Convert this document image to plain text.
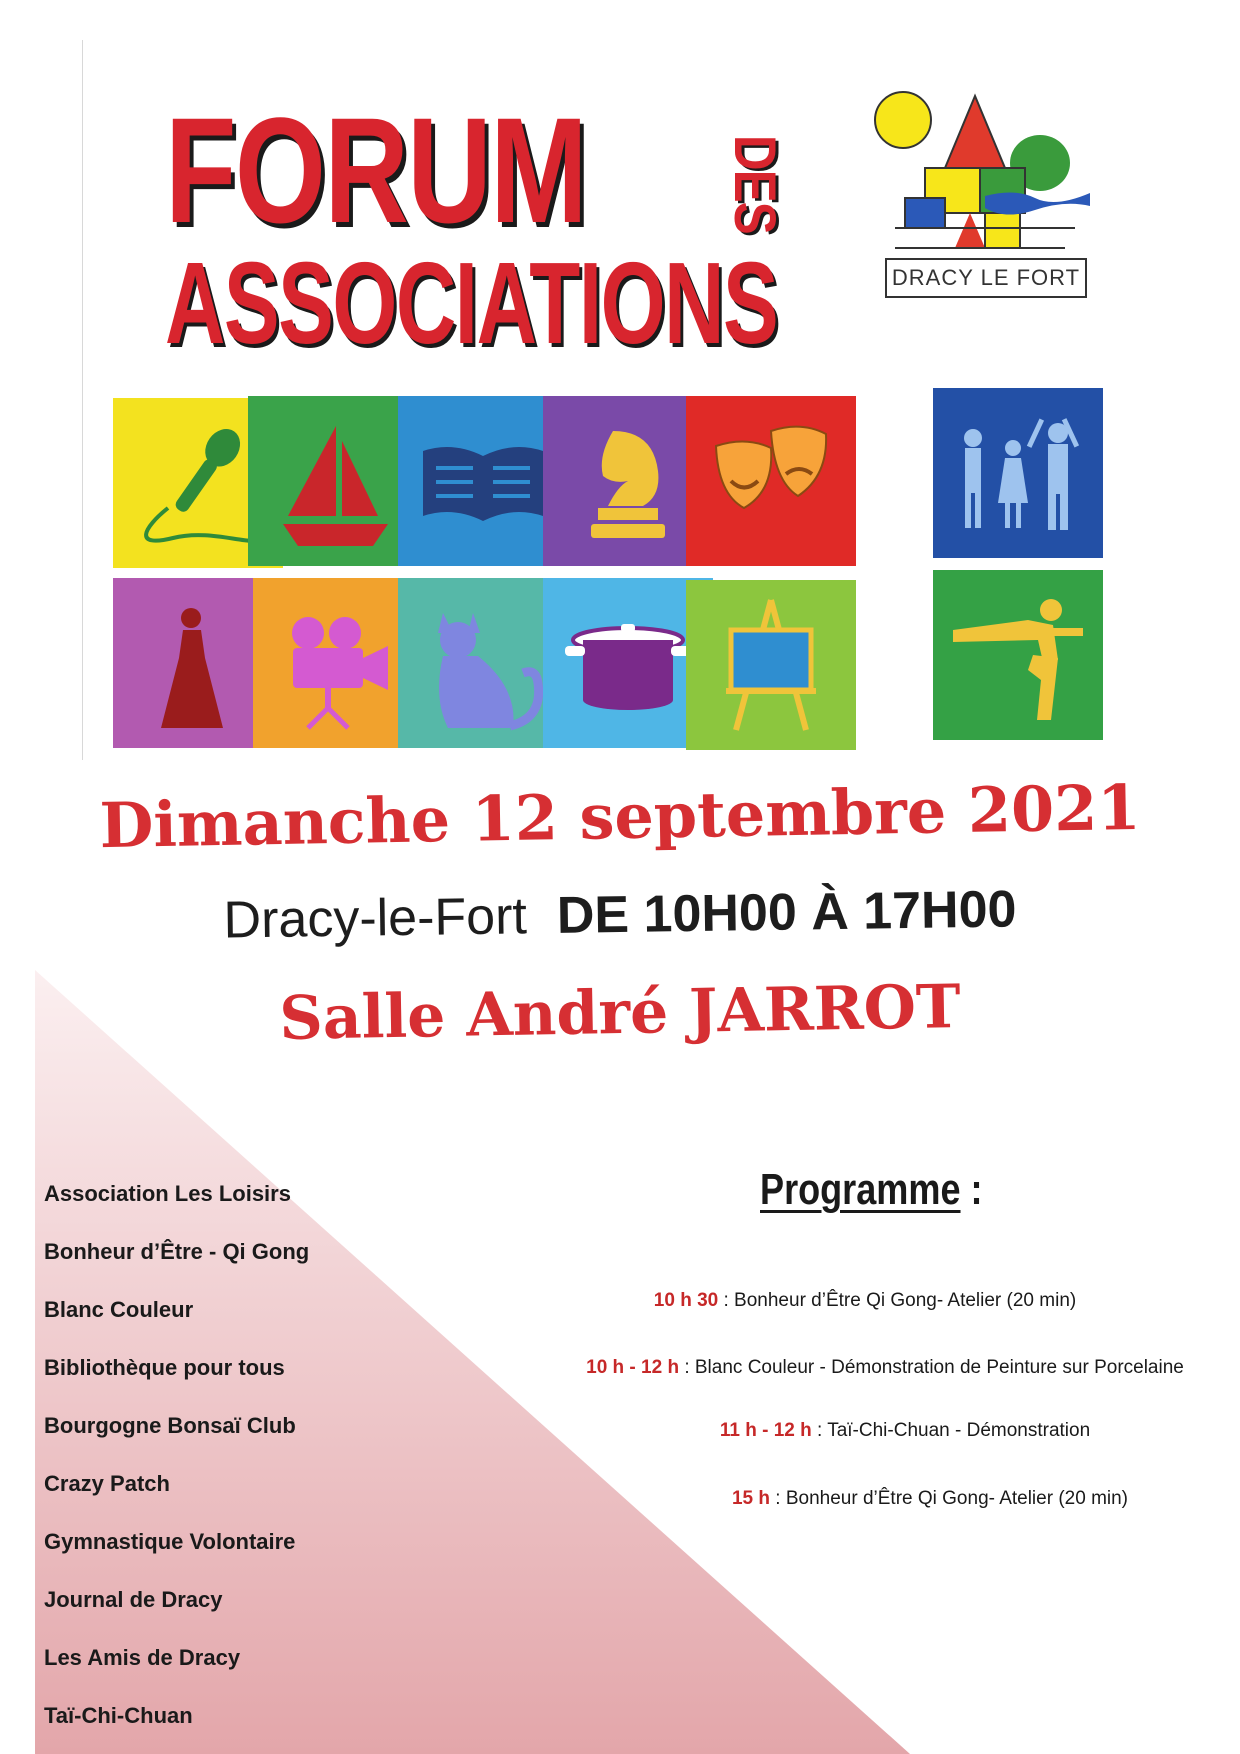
FORUM DES
ASSOCIATIONS	DRACY LE FORT
Dimanche 12 septembre 2021
Dracy-le-Fort DE 10H00 À 17H00
Salle André JARROT
Association Les Loisirs
Bonheur d’Être - Qi Gong
Blanc Couleur
Bibliothèque pour tous
Bourgogne Bonsaï Club
Crazy Patch
Gymnastique Volontaire
Journal de Dracy
Les Amis de Dracy
Taï-Chi-Chuan
Programme :
10 h 30 : Bonheur d’Être Qi Gong- Atelier (20 min)
10 h - 12 h : Blanc Couleur - Démonstration de Peinture sur Porcelaine
11 h - 12 h : Taï-Chi-Chuan - Démonstration
15 h : Bonheur d’Être Qi Gong- Atelier (20 min)
